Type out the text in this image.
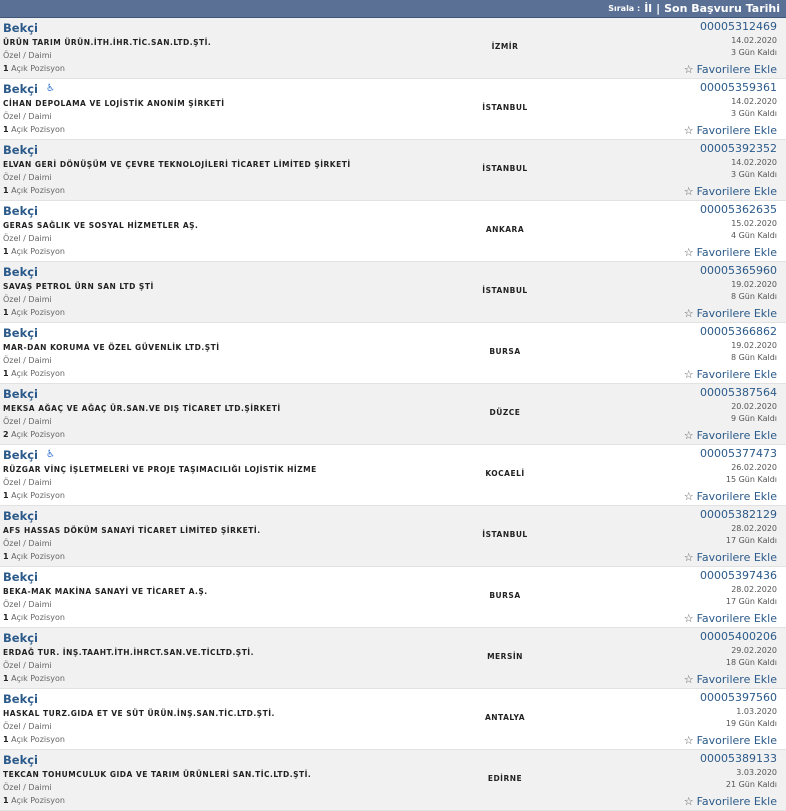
Sırala : İl | Son Başvuru Tarihi
Bekçi
ÜRÜN TARIM ÜRÜN.İTH.İHR.TİC.SAN.LTD.ŞTİ.
Özel / Daimi
1 Açık Pozisyon
İZMİR
00005312469
14.02.2020
3 Gün Kaldı
☆ Favorilere Ekle
Bekçi ♿
CİHAN DEPOLAMA VE LOJİSTİK ANONİM ŞİRKETİ
Özel / Daimi
1 Açık Pozisyon
İSTANBUL
00005359361
14.02.2020
3 Gün Kaldı
☆ Favorilere Ekle
Bekçi
ELVAN GERİ DÖNÜŞÜM VE ÇEVRE TEKNOLOJİLERİ TİCARET LİMİTED ŞİRKETİ
Özel / Daimi
1 Açık Pozisyon
İSTANBUL
00005392352
14.02.2020
3 Gün Kaldı
☆ Favorilere Ekle
Bekçi
GERAS SAĞLIK VE SOSYAL HİZMETLER AŞ.
Özel / Daimi
1 Açık Pozisyon
ANKARA
00005362635
15.02.2020
4 Gün Kaldı
☆ Favorilere Ekle
Bekçi
SAVAŞ PETROL ÜRN SAN LTD ŞTİ
Özel / Daimi
1 Açık Pozisyon
İSTANBUL
00005365960
19.02.2020
8 Gün Kaldı
☆ Favorilere Ekle
Bekçi
MAR-DAN KORUMA VE ÖZEL GÜVENLİK LTD.ŞTİ
Özel / Daimi
1 Açık Pozisyon
BURSA
00005366862
19.02.2020
8 Gün Kaldı
☆ Favorilere Ekle
Bekçi
MEKSA AĞAÇ VE AĞAÇ ÜR.SAN.VE DIŞ TİCARET LTD.ŞİRKETİ
Özel / Daimi
2 Açık Pozisyon
DÜZCE
00005387564
20.02.2020
9 Gün Kaldı
☆ Favorilere Ekle
Bekçi ♿
RÜZGAR VİNÇ İŞLETMELERİ VE PROJE TAŞIMACILIĞI LOJİSTİK HİZME
Özel / Daimi
1 Açık Pozisyon
KOCAELİ
00005377473
26.02.2020
15 Gün Kaldı
☆ Favorilere Ekle
Bekçi
AFS HASSAS DÖKÜM SANAYİ TİCARET LİMİTED ŞİRKETİ.
Özel / Daimi
1 Açık Pozisyon
İSTANBUL
00005382129
28.02.2020
17 Gün Kaldı
☆ Favorilere Ekle
Bekçi
BEKA-MAK MAKİNA SANAYİ VE TİCARET A.Ş.
Özel / Daimi
1 Açık Pozisyon
BURSA
00005397436
28.02.2020
17 Gün Kaldı
☆ Favorilere Ekle
Bekçi
ERDAĞ TUR. İNŞ.TAAHT.İTH.İHRCT.SAN.VE.TİCLTD.ŞTİ.
Özel / Daimi
1 Açık Pozisyon
MERSİN
00005400206
29.02.2020
18 Gün Kaldı
☆ Favorilere Ekle
Bekçi
HASKAL TURZ.GIDA ET VE SÜT ÜRÜN.İNŞ.SAN.TİC.LTD.ŞTİ.
Özel / Daimi
1 Açık Pozisyon
ANTALYA
00005397560
1.03.2020
19 Gün Kaldı
☆ Favorilere Ekle
Bekçi
TEKCAN TOHUMCULUK GIDA VE TARIM ÜRÜNLERİ SAN.TİC.LTD.ŞTİ.
Özel / Daimi
1 Açık Pozisyon
EDİRNE
00005389133
3.03.2020
21 Gün Kaldı
☆ Favorilere Ekle
